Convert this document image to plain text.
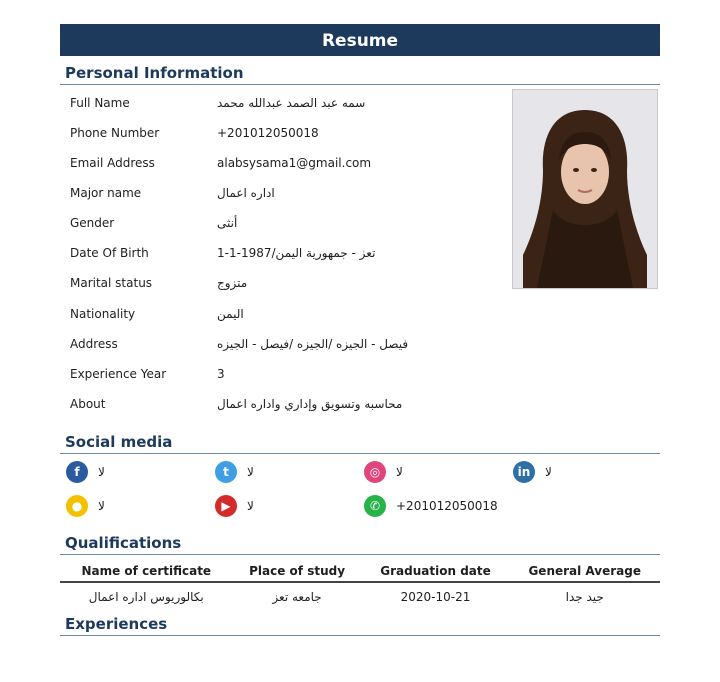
Resume
Personal Information
Full Name	سمه عبد الصمد عبدالله محمد
Phone Number	+201012050018
Email Address	alabsysama1@gmail.com
Major name	اداره اعمال
Gender	أنثى
Date Of Birth	تعز - جمهورية اليمن/1987-1-1
Marital status	متزوج
Nationality	اليمن
Address	فيصل - الجيزه /الجيزه /فيصل - الجيزه
Experience Year	3
About	محاسبه وتسويق وإداري واداره اعمال
Social media
f	لا	t	لا	◎	لا	in	لا
●	لا	▶	لا	✆	+201012050018
Qualifications
Name of certificate	Place of study	Graduation date	General Average
بكالوريوس اداره اعمال	جامعه تعز	2020-10-21	جيد جدا
Experiences
